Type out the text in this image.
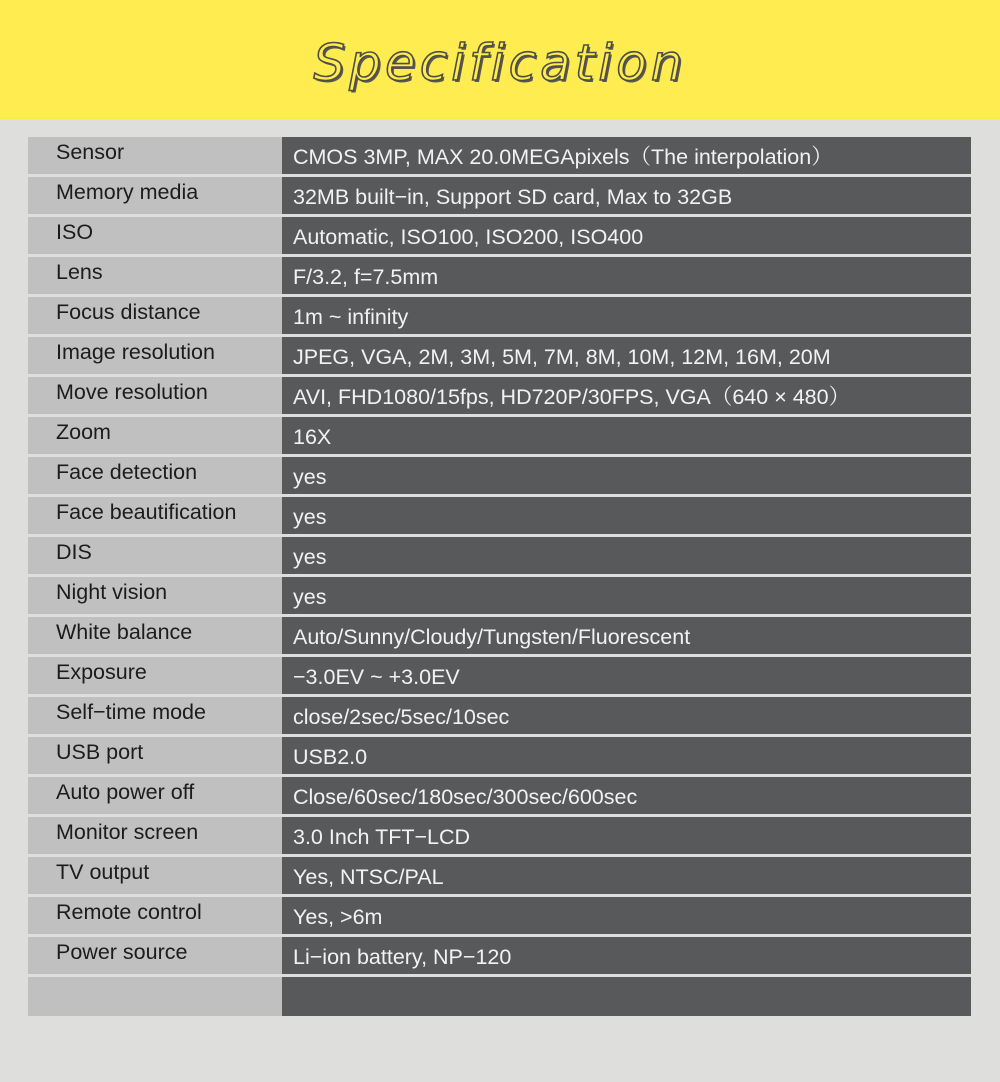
Specification
Sensor	CMOS 3MP, MAX 20.0MEGApixels（The interpolation）
Memory media	32MB built−in, Support SD card, Max to 32GB
ISO	Automatic, ISO100, ISO200, ISO400
Lens	F/3.2, f=7.5mm
Focus distance	1m ~ infinity
Image resolution	JPEG, VGA, 2M, 3M, 5M, 7M, 8M, 10M, 12M, 16M, 20M
Move resolution	AVI, FHD1080/15fps, HD720P/30FPS, VGA（640 × 480）
Zoom	16X
Face detection	yes
Face beautification	yes
DIS	yes
Night vision	yes
White balance	Auto/Sunny/Cloudy/Tungsten/Fluorescent
Exposure	−3.0EV ~ +3.0EV
Self−time mode	close/2sec/5sec/10sec
USB port	USB2.0
Auto power off	Close/60sec/180sec/300sec/600sec
Monitor screen	3.0 Inch TFT−LCD
TV output	Yes, NTSC/PAL
Remote control	Yes, >6m
Power source	Li−ion battery, NP−120
